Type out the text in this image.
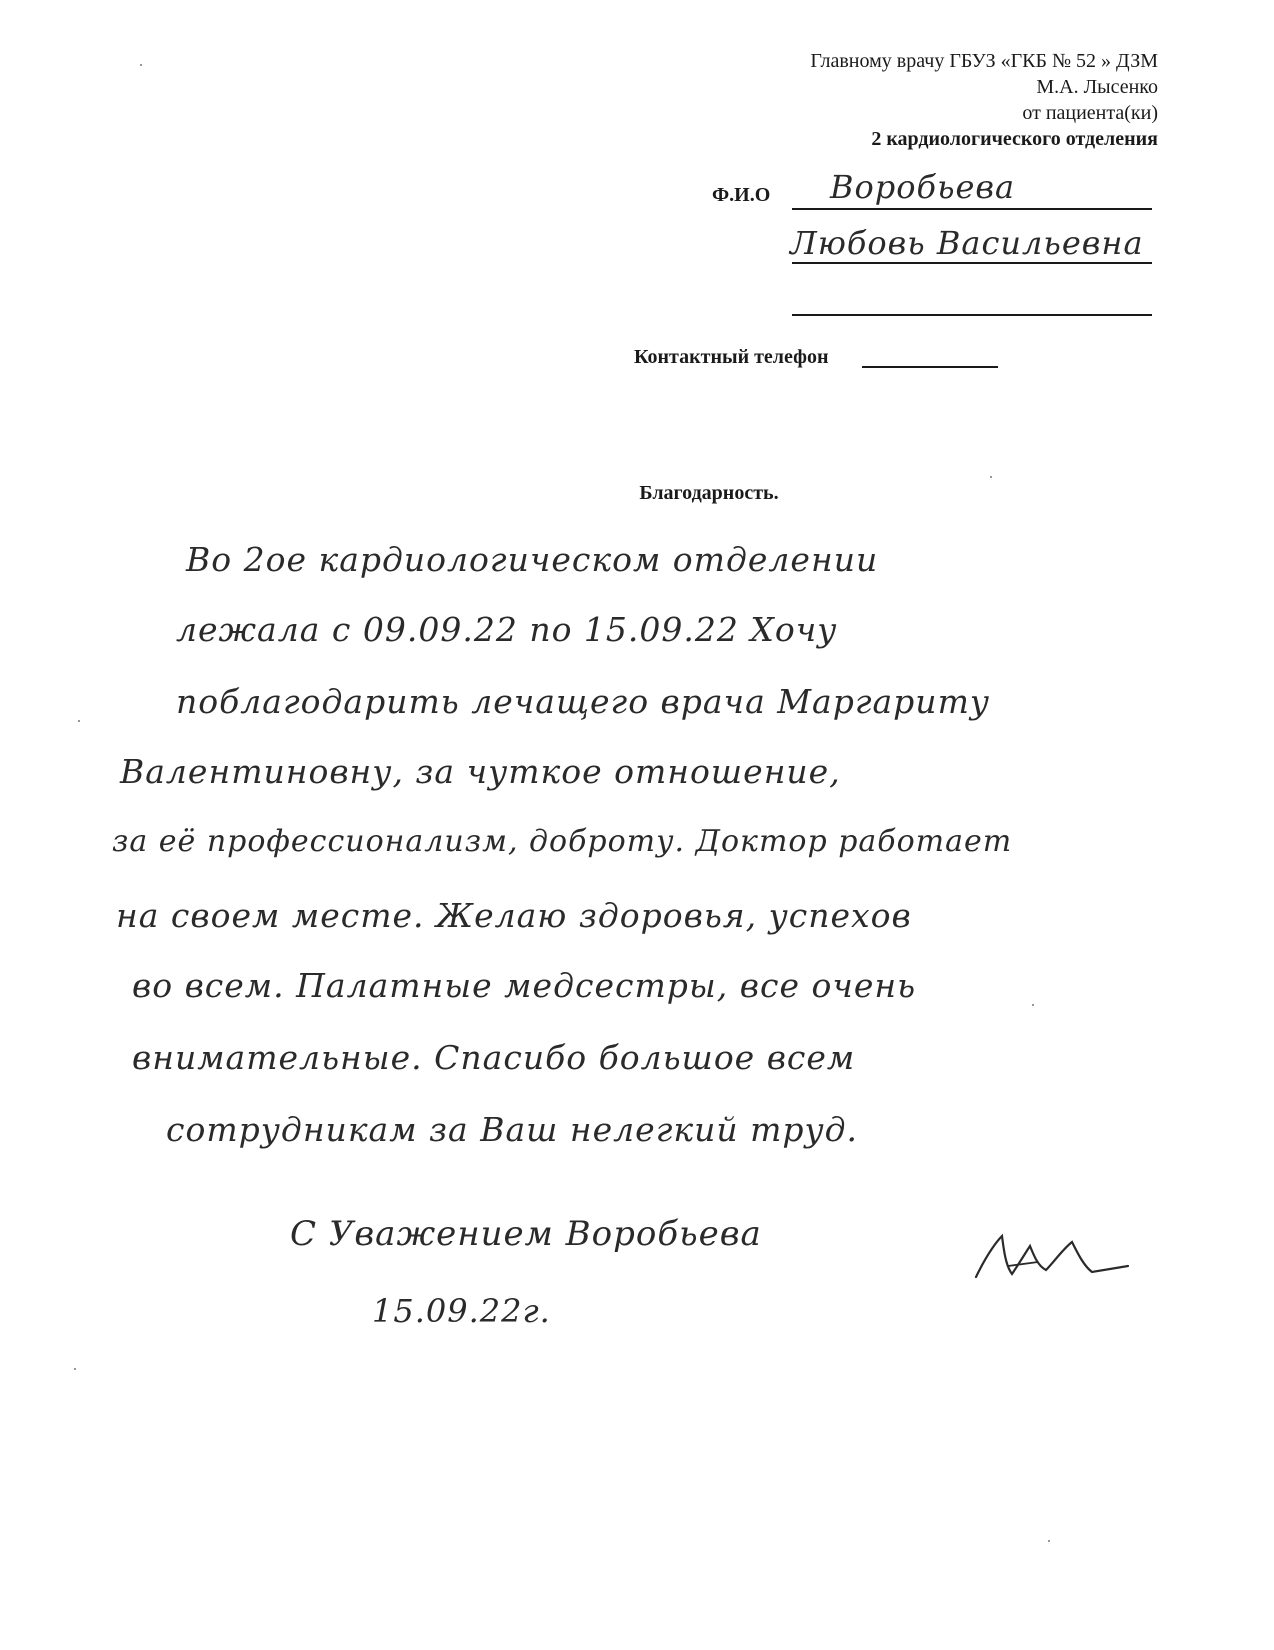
Главному врачу ГБУЗ «ГКБ № 52 » ДЗМ
М.А. Лысенко
от пациента(ки)
2 кардиологического отделения
Ф.И.О Воробьева
Любовь Васильевна
Контактный телефон
Благодарность.
Во 2ое кардиологическом отделении
лежала с 09.09.22 по 15.09.22 Хочу
поблагодарить лечащего врача Маргариту
Валентиновну, за чуткое отношение,
за её профессионализм, доброту. Доктор работает
на своем месте. Желаю здоровья, успехов
во всем. Палатные медсестры, все очень
внимательные. Спасибо большое всем
сотрудникам за Ваш нелегкий труд.
С Уважением Воробьева
15.09.22г.
